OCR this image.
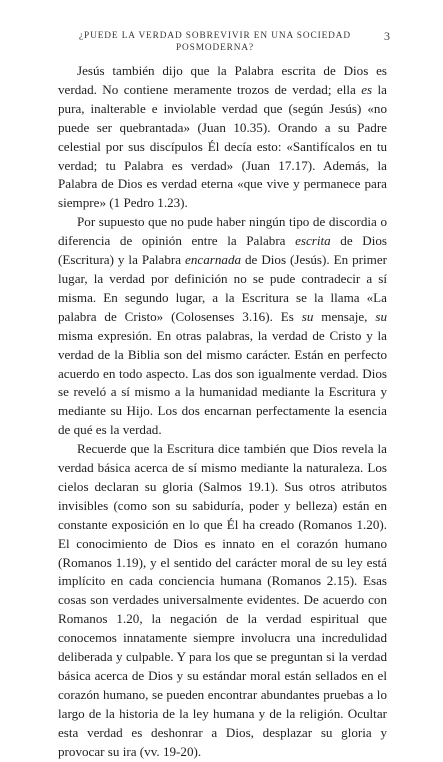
¿PUEDE LA VERDAD SOBREVIVIR EN UNA SOCIEDAD POSMODERNA?
3

Jesús también dijo que la Palabra escrita de Dios es verdad. No contiene meramente trozos de verdad; ella es la pura, inalterable e inviolable verdad que (según Jesús) «no puede ser quebrantada» (Juan 10.35). Orando a su Padre celestial por sus discípulos Él decía esto: «Santifícalos en tu verdad; tu Palabra es verdad» (Juan 17.17). Además, la Palabra de Dios es verdad eterna «que vive y permanece para siempre» (1 Pedro 1.23).

Por supuesto que no pude haber ningún tipo de discordia o diferencia de opinión entre la Palabra escrita de Dios (Escritura) y la Palabra encarnada de Dios (Jesús). En primer lugar, la verdad por definición no se pude contradecir a sí misma. En segundo lugar, a la Escritura se la llama «La palabra de Cristo» (Colosenses 3.16). Es su mensaje, su misma expresión. En otras palabras, la verdad de Cristo y la verdad de la Biblia son del mismo carácter. Están en perfecto acuerdo en todo aspecto. Las dos son igualmente verdad. Dios se reveló a sí mismo a la humanidad mediante la Escritura y mediante su Hijo. Los dos encarnan perfectamente la esencia de qué es la verdad.

Recuerde que la Escritura dice también que Dios revela la verdad básica acerca de sí mismo mediante la naturaleza. Los cielos declaran su gloria (Salmos 19.1). Sus otros atributos invisibles (como son su sabiduría, poder y belleza) están en constante exposición en lo que Él ha creado (Romanos 1.20). El conocimiento de Dios es innato en el corazón humano (Romanos 1.19), y el sentido del carácter moral de su ley está implícito en cada conciencia humana (Romanos 2.15). Esas cosas son verdades universalmente evidentes. De acuerdo con Romanos 1.20, la negación de la verdad espiritual que conocemos innatamente siempre involucra una incredulidad deliberada y culpable. Y para los que se preguntan si la verdad básica acerca de Dios y su estándar moral están sellados en el corazón humano, se pueden encontrar abundantes pruebas a lo largo de la historia de la ley humana y de la religión. Ocultar esta verdad es deshonrar a Dios, desplazar su gloria y provocar su ira (vv. 19-20).
